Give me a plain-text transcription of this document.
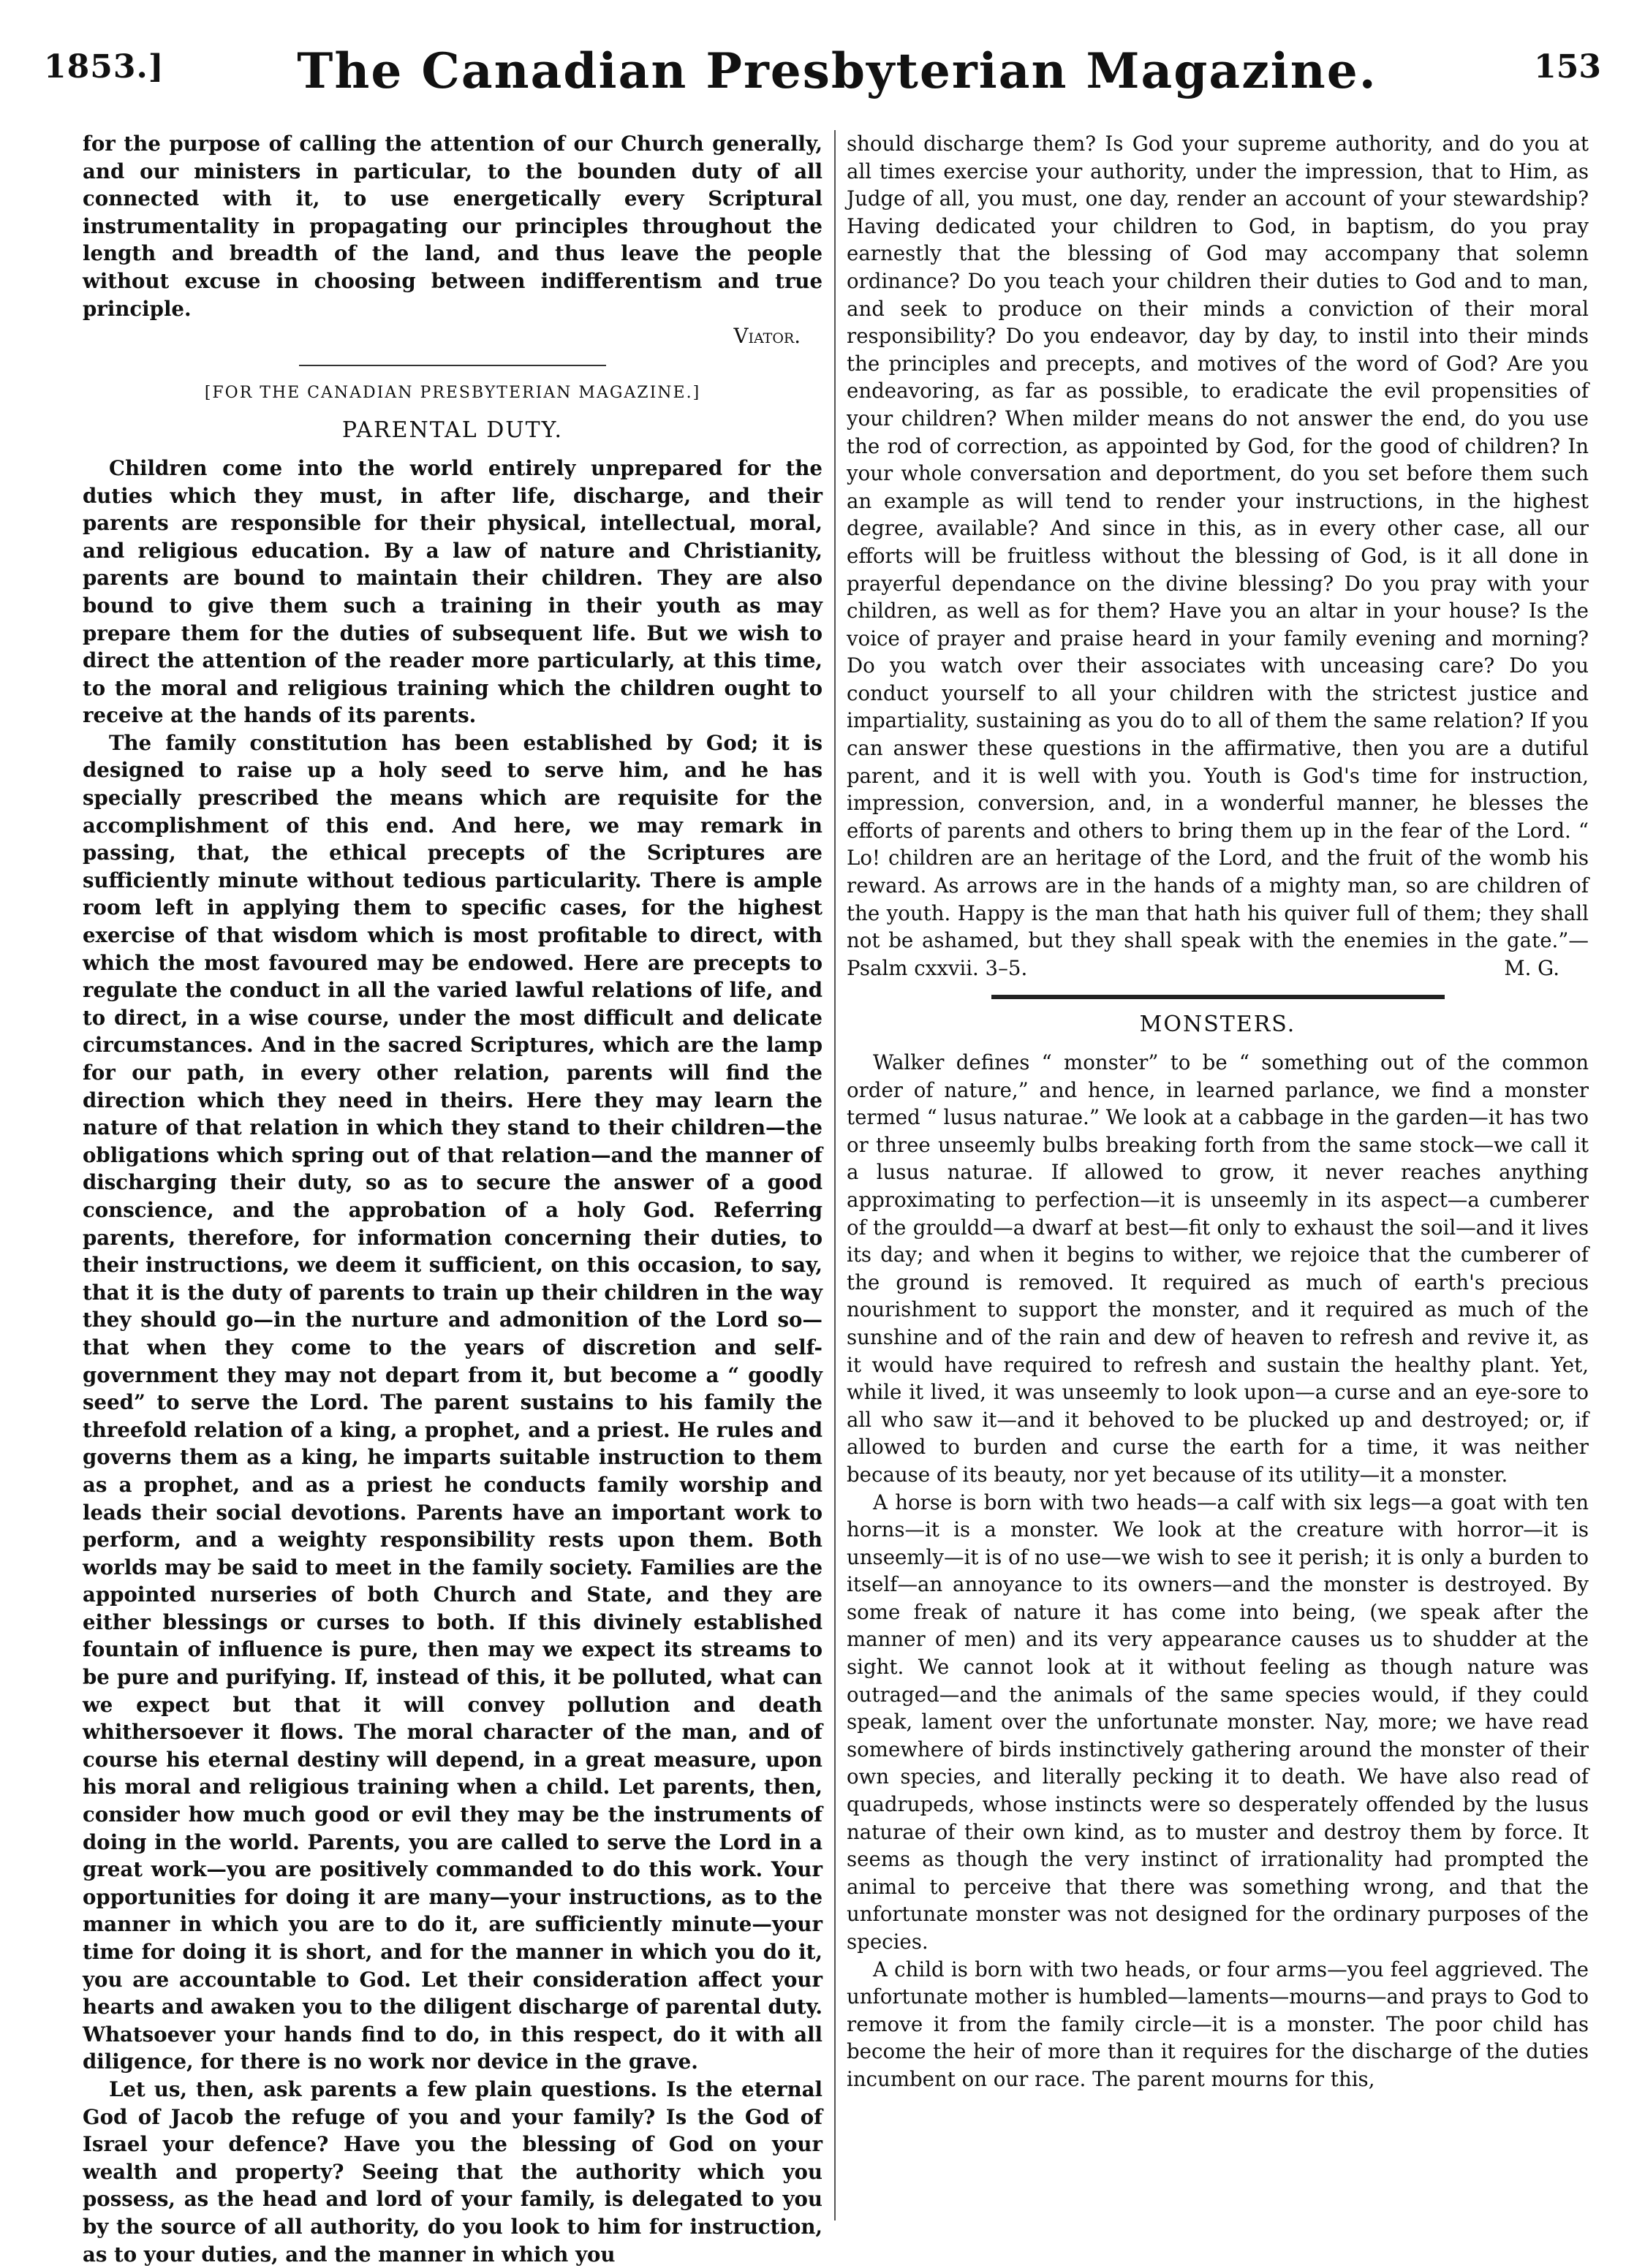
1853.]	The Canadian Presbyterian Magazine.	153

for the purpose of calling the attention of our Church generally, and our ministers in particular, to the bounden duty of all connected with it, to use energetically every Scriptural instrumentality in propagating our principles throughout the length and breadth of the land, and thus leave the people without excuse in choosing between indifferentism and true principle.

Viator.
[FOR THE CANADIAN PRESBYTERIAN MAGAZINE.]
PARENTAL DUTY.

Children come into the world entirely unprepared for the duties which they must, in after life, discharge, and their parents are responsible for their physical, intellectual, moral, and religious education. By a law of nature and Christianity, parents are bound to maintain their children. They are also bound to give them such a training in their youth as may prepare them for the duties of subsequent life. But we wish to direct the attention of the reader more particularly, at this time, to the moral and religious training which the children ought to receive at the hands of its parents.

The family constitution has been established by God; it is designed to raise up a holy seed to serve him, and he has specially prescribed the means which are requisite for the accomplishment of this end. And here, we may remark in passing, that, the ethical precepts of the Scriptures are sufficiently minute without tedious particularity. There is ample room left in applying them to specific cases, for the highest exercise of that wisdom which is most profitable to direct, with which the most favoured may be endowed. Here are precepts to regulate the conduct in all the varied lawful relations of life, and to direct, in a wise course, under the most difficult and delicate circumstances. And in the sacred Scriptures, which are the lamp for our path, in every other relation, parents will find the direction which they need in theirs. Here they may learn the nature of that relation in which they stand to their children—the obligations which spring out of that relation—and the manner of discharging their duty, so as to secure the answer of a good conscience, and the approbation of a holy God. Referring parents, therefore, for information concerning their duties, to their instructions, we deem it sufficient, on this occasion, to say, that it is the duty of parents to train up their children in the way they should go—in the nurture and admonition of the Lord so—that when they come to the years of discretion and self-government they may not depart from it, but become a “ goodly seed” to serve the Lord. The parent sustains to his family the threefold relation of a king, a prophet, and a priest. He rules and governs them as a king, he imparts suitable instruction to them as a prophet, and as a priest he conducts family worship and leads their social devotions. Parents have an important work to perform, and a weighty responsibility rests upon them. Both worlds may be said to meet in the family society. Families are the appointed nurseries of both Church and State, and they are either blessings or curses to both. If this divinely established fountain of influence is pure, then may we expect its streams to be pure and purifying. If, instead of this, it be polluted, what can we expect but that it will convey pollution and death whithersoever it flows. The moral character of the man, and of course his eternal destiny will depend, in a great measure, upon his moral and religious training when a child. Let parents, then, consider how much good or evil they may be the instruments of doing in the world. Parents, you are called to serve the Lord in a great work—you are positively commanded to do this work. Your opportunities for doing it are many—your instructions, as to the manner in which you are to do it, are sufficiently minute—your time for doing it is short, and for the manner in which you do it, you are accountable to God. Let their consideration affect your hearts and awaken you to the diligent discharge of parental duty. Whatsoever your hands find to do, in this respect, do it with all diligence, for there is no work nor device in the grave.

Let us, then, ask parents a few plain questions. Is the eternal God of Jacob the refuge of you and your family? Is the God of Israel your defence? Have you the blessing of God on your wealth and property? Seeing that the authority which you possess, as the head and lord of your family, is delegated to you by the source of all authority, do you look to him for instruction, as to your duties, and the manner in which you

should discharge them? Is God your supreme authority, and do you at all times exercise your authority, under the impression, that to Him, as Judge of all, you must, one day, render an account of your stewardship? Having dedicated your children to God, in baptism, do you pray earnestly that the blessing of God may accompany that solemn ordinance? Do you teach your children their duties to God and to man, and seek to produce on their minds a conviction of their moral responsibility? Do you endeavor, day by day, to instil into their minds the principles and precepts, and motives of the word of God? Are you endeavoring, as far as possible, to eradicate the evil propensities of your children? When milder means do not answer the end, do you use the rod of correction, as appointed by God, for the good of children? In your whole conversation and deportment, do you set before them such an example as will tend to render your instructions, in the highest degree, available? And since in this, as in every other case, all our efforts will be fruitless without the blessing of God, is it all done in prayerful dependance on the divine blessing? Do you pray with your children, as well as for them? Have you an altar in your house? Is the voice of prayer and praise heard in your family evening and morning? Do you watch over their associates with unceasing care? Do you conduct yourself to all your children with the strictest justice and impartiality, sustaining as you do to all of them the same relation? If you can answer these questions in the affirmative, then you are a dutiful parent, and it is well with you. Youth is God's time for instruction, impression, conversion, and, in a wonderful manner, he blesses the efforts of parents and others to bring them up in the fear of the Lord. “ Lo! children are an heritage of the Lord, and the fruit of the womb his reward. As arrows are in the hands of a mighty man, so are children of the youth. Happy is the man that hath his quiver full of them; they shall not be ashamed, but they shall speak with the enemies in the gate.”—Psalm cxxvii. 3–5.	M. G.

MONSTERS.

Walker defines “ monster” to be “ something out of the common order of nature,” and hence, in learned parlance, we find a monster termed “ lusus naturae.” We look at a cabbage in the garden—it has two or three unseemly bulbs breaking forth from the same stock—we call it a lusus naturae. If allowed to grow, it never reaches anything approximating to perfection—it is unseemly in its aspect—a cumberer of the grouldd—a dwarf at best—fit only to exhaust the soil—and it lives its day; and when it begins to wither, we rejoice that the cumberer of the ground is removed. It required as much of earth's precious nourishment to support the monster, and it required as much of the sunshine and of the rain and dew of heaven to refresh and revive it, as it would have required to refresh and sustain the healthy plant. Yet, while it lived, it was unseemly to look upon—a curse and an eye-sore to all who saw it—and it behoved to be plucked up and destroyed; or, if allowed to burden and curse the earth for a time, it was neither because of its beauty, nor yet because of its utility—it a monster.

A horse is born with two heads—a calf with six legs—a goat with ten horns—it is a monster. We look at the creature with horror—it is unseemly—it is of no use—we wish to see it perish; it is only a burden to itself—an annoyance to its owners—and the monster is destroyed. By some freak of nature it has come into being, (we speak after the manner of men) and its very appearance causes us to shudder at the sight. We cannot look at it without feeling as though nature was outraged—and the animals of the same species would, if they could speak, lament over the unfortunate monster. Nay, more; we have read somewhere of birds instinctively gathering around the monster of their own species, and literally pecking it to death. We have also read of quadrupeds, whose instincts were so desperately offended by the lusus naturae of their own kind, as to muster and destroy them by force. It seems as though the very instinct of irrationality had prompted the animal to perceive that there was something wrong, and that the unfortunate monster was not designed for the ordinary purposes of the species.

A child is born with two heads, or four arms—you feel aggrieved. The unfortunate mother is humbled—laments—mourns—and prays to God to remove it from the family circle—it is a monster. The poor child has become the heir of more than it requires for the discharge of the duties incumbent on our race. The parent mourns for this,
